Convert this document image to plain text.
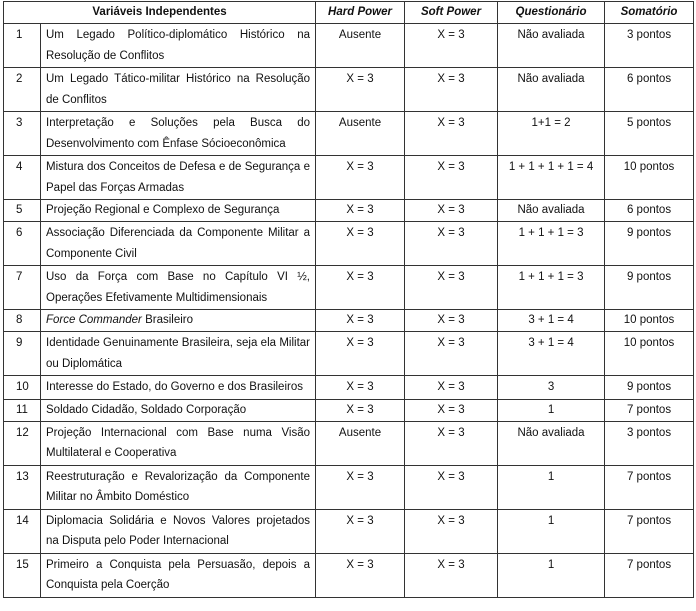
Variáveis Independentes		Hard Power	Soft Power	Questionário	Somatório
1	Um Legado Político-diplomático Histórico na Resolução de Conflitos	Ausente	X = 3	Não avaliada	3 pontos
2	Um Legado Tático-militar Histórico na Resolução de Conflitos	X = 3	X = 3	Não avaliada	6 pontos
3	Interpretação e Soluções pela Busca do Desenvolvimento com Ênfase Sócioeconômica	Ausente	X = 3	1+1 = 2	5 pontos
4	Mistura dos Conceitos de Defesa e de Segurança e Papel das Forças Armadas	X = 3	X = 3	1 + 1 + 1 + 1 = 4	10 pontos
5	Projeção Regional e Complexo de Segurança	X = 3	X = 3	Não avaliada	6 pontos
6	Associação Diferenciada da Componente Militar a Componente Civil	X = 3	X = 3	1 + 1 + 1 = 3	9 pontos
7	Uso da Força com Base no Capítulo VI ½, Operações Efetivamente Multidimensionais	X = 3	X = 3	1 + 1 + 1 = 3	9 pontos
8	Force Commander Brasileiro	X = 3	X = 3	3 + 1 = 4	10 pontos
9	Identidade Genuinamente Brasileira, seja ela Militar ou Diplomática	X = 3	X = 3	3 + 1 = 4	10 pontos
10	Interesse do Estado, do Governo e dos Brasileiros	X = 3	X = 3	3	9 pontos
11	Soldado Cidadão, Soldado Corporação	X = 3	X = 3	1	7 pontos
12	Projeção Internacional com Base numa Visão Multilateral e Cooperativa	Ausente	X = 3	Não avaliada	3 pontos
13	Reestruturação e Revalorização da Componente Militar no Âmbito Doméstico	X = 3	X = 3	1	7 pontos
14	Diplomacia Solidária e Novos Valores projetados na Disputa pelo Poder Internacional	X = 3	X = 3	1	7 pontos
15	Primeiro a Conquista pela Persuasão, depois a Conquista pela Coerção	X = 3	X = 3	1	7 pontos
